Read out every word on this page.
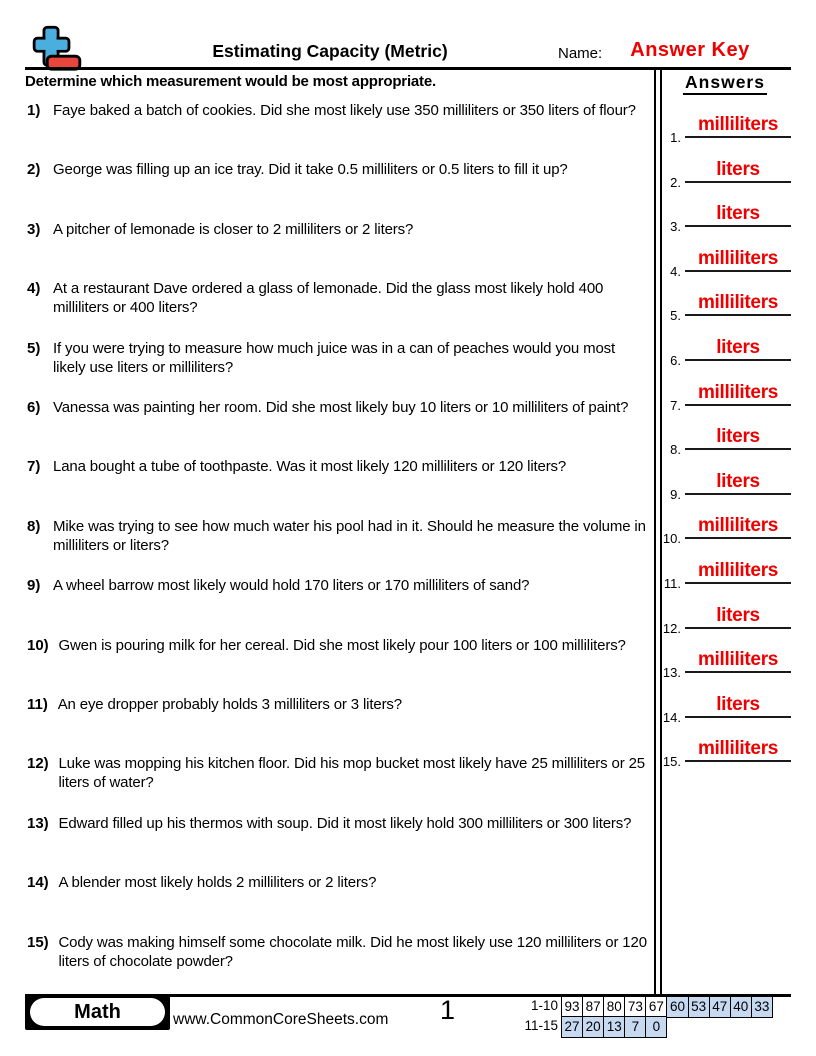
Estimating Capacity (Metric)	Name:	Answer Key
Determine which measurement would be most appropriate.
1) Faye baked a batch of cookies. Did she most likely use 350 milliliters or 350 liters of flour?
2) George was filling up an ice tray. Did it take 0.5 milliliters or 0.5 liters to fill it up?
3) A pitcher of lemonade is closer to 2 milliliters or 2 liters?
4) At a restaurant Dave ordered a glass of lemonade. Did the glass most likely hold 400 milliliters or 400 liters?
5) If you were trying to measure how much juice was in a can of peaches would you most likely use liters or milliliters?
6) Vanessa was painting her room. Did she most likely buy 10 liters or 10 milliliters of paint?
7) Lana bought a tube of toothpaste. Was it most likely 120 milliliters or 120 liters?
8) Mike was trying to see how much water his pool had in it. Should he measure the volume in milliliters or liters?
9) A wheel barrow most likely would hold 170 liters or 170 milliliters of sand?
10) Gwen is pouring milk for her cereal. Did she most likely pour 100 liters or 100 milliliters?
11) An eye dropper probably holds 3 milliliters or 3 liters?
12) Luke was mopping his kitchen floor. Did his mop bucket most likely have 25 milliliters or 25 liters of water?
13) Edward filled up his thermos with soup. Did it most likely hold 300 milliliters or 300 liters?
14) A blender most likely holds 2 milliliters or 2 liters?
15) Cody was making himself some chocolate milk. Did he most likely use 120 milliliters or 120 liters of chocolate powder?
Answers
1.
milliliters
2.
liters
3.
liters
4.
milliliters
5.
milliliters
6.
liters
7.
milliliters
8.
liters
9.
liters
10.
milliliters
11.
milliliters
12.
liters
13.
milliliters
14.
liters
15.
milliliters
Math	www.CommonCoreSheets.com	1	1-10 93 87 80 73 67 60 53 47 40 33
11-15 27 20 13 7	0
